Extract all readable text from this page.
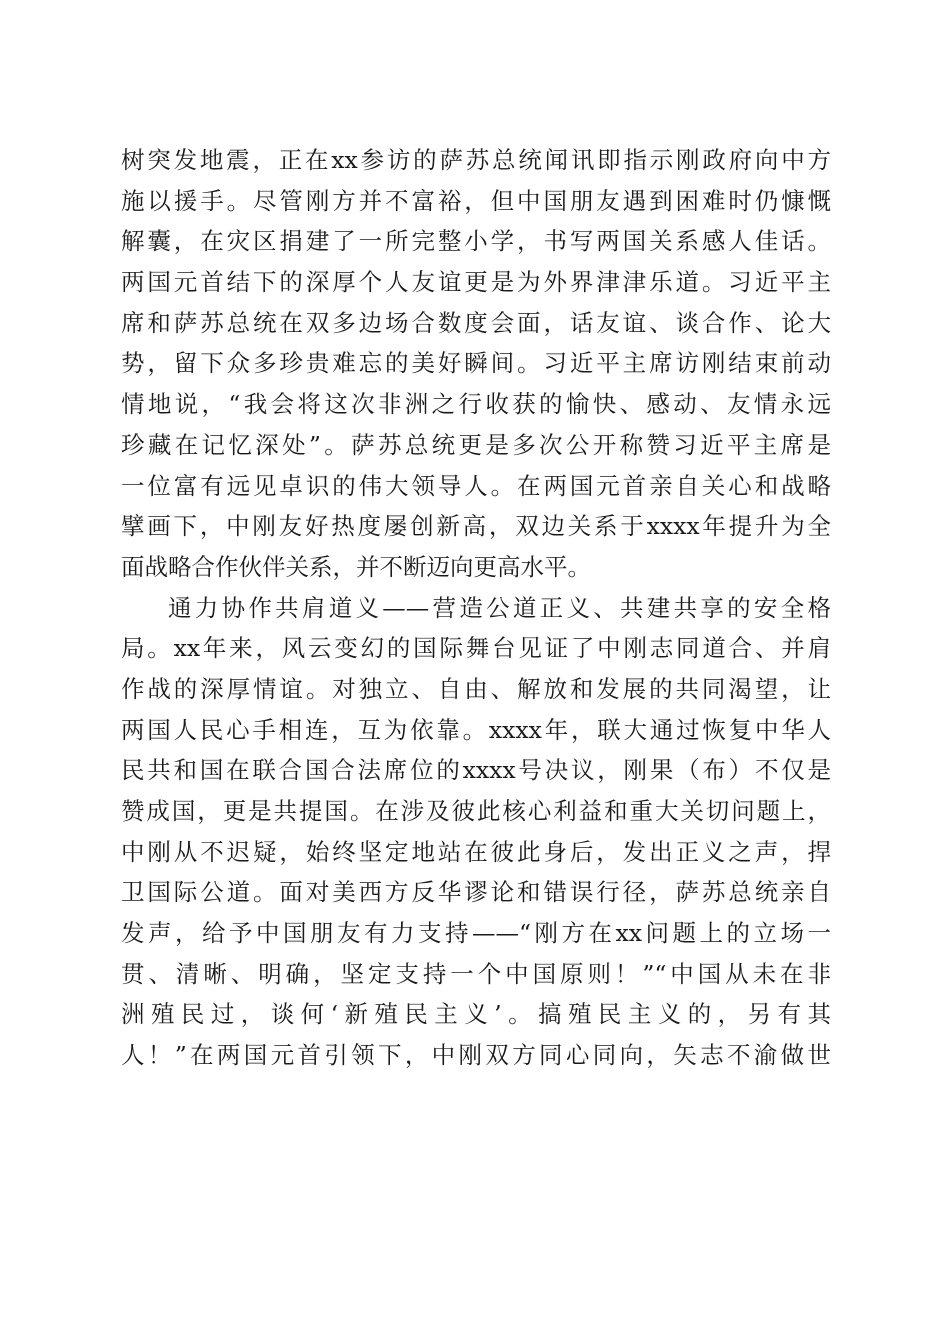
树突发地震，正在xx参访的萨苏总统闻讯即指示刚政府向中方
施以援手。尽管刚方并不富裕，但中国朋友遇到困难时仍慷慨
解囊，在灾区捐建了一所完整小学，书写两国关系感人佳话。
两国元首结下的深厚个人友谊更是为外界津津乐道。习近平主
席和萨苏总统在双多边场合数度会面，话友谊、谈合作、论大
势，留下众多珍贵难忘的美好瞬间。习近平主席访刚结束前动
情地说，“我会将这次非洲之行收获的愉快、感动、友情永远
珍藏在记忆深处”。萨苏总统更是多次公开称赞习近平主席是
一位富有远见卓识的伟大领导人。在两国元首亲自关心和战略
擘画下，中刚友好热度屡创新高，双边关系于xxxx年提升为全
面战略合作伙伴关系，并不断迈向更高水平。
通力协作共肩道义——营造公道正义、共建共享的安全格
局。xx年来，风云变幻的国际舞台见证了中刚志同道合、并肩
作战的深厚情谊。对独立、自由、解放和发展的共同渴望，让
两国人民心手相连，互为依靠。xxxx年，联大通过恢复中华人
民共和国在联合国合法席位的xxxx号决议，刚果（布）不仅是
赞成国，更是共提国。在涉及彼此核心利益和重大关切问题上，
中刚从不迟疑，始终坚定地站在彼此身后，发出正义之声，捍
卫国际公道。面对美西方反华谬论和错误行径，萨苏总统亲自
发声，给予中国朋友有力支持——“刚方在xx问题上的立场一
贯、清晰、明确，坚定支持一个中国原则！”“中国从未在非
洲殖民过，谈何‘新殖民主义’。搞殖民主义的，另有其
人！”在两国元首引领下，中刚双方同心同向，矢志不渝做世
